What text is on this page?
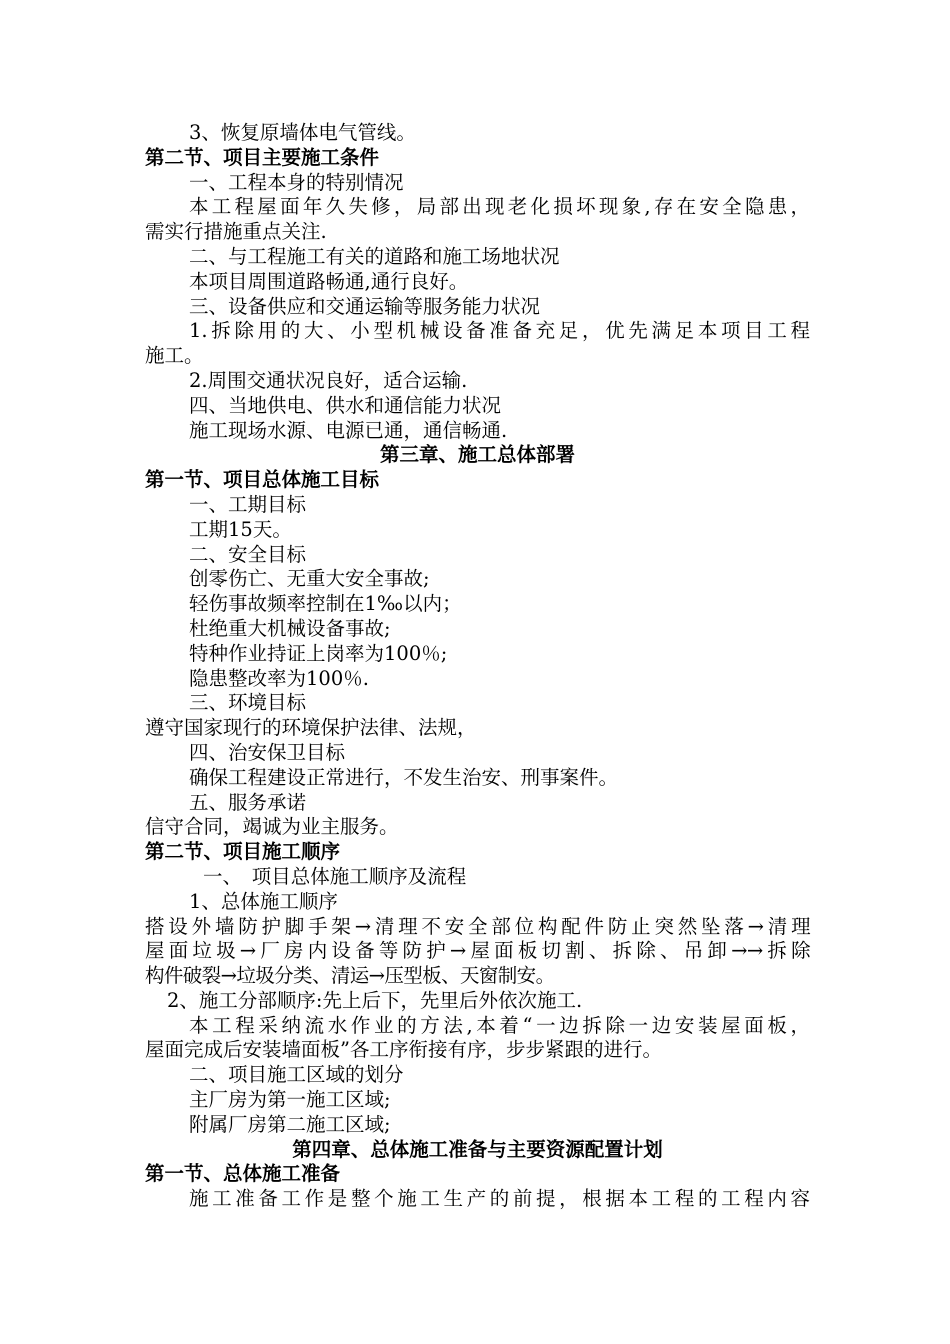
3、恢复原墙体电气管线。
第二节、项目主要施工条件
一、工程本身的特别情况
本工程屋面年久失修，局部出现老化损坏现象,存在安全隐患，
需实行措施重点关注.
二、与工程施工有关的道路和施工场地状况
本项目周围道路畅通,通行良好。
三、设备供应和交通运输等服务能力状况
1.拆除用的大、小型机械设备准备充足，优先满足本项目工程
施工。
2.周围交通状况良好，适合运输.
四、当地供电、供水和通信能力状况
施工现场水源、电源已通，通信畅通.
第三章、施工总体部署
第一节、项目总体施工目标
一、工期目标
工期15天。
二、安全目标
创零伤亡、无重大安全事故;
轻伤事故频率控制在1‰以内；
杜绝重大机械设备事故;
特种作业持证上岗率为100％;
隐患整改率为100％.
三、环境目标
遵守国家现行的环境保护法律、法规，
四、治安保卫目标
确保工程建设正常进行，不发生治安、刑事案件。
五、服务承诺
信守合同，竭诚为业主服务。
第二节、项目施工顺序
一、　项目总体施工顺序及流程
1、总体施工顺序
搭设外墙防护脚手架→清理不安全部位构配件防止突然坠落→清理
屋面垃圾→厂房内设备等防护→屋面板切割、拆除、吊卸→→拆除
构件破裂→垃圾分类、清运→压型板、天窗制安。
2、施工分部顺序:先上后下，先里后外依次施工.
本工程采纳流水作业的方法,本着“一边拆除一边安装屋面板，
屋面完成后安装墙面板”各工序衔接有序，步步紧跟的进行。
二、项目施工区域的划分
主厂房为第一施工区域;
附属厂房第二施工区域;
第四章、总体施工准备与主要资源配置计划
第一节、总体施工准备
施工准备工作是整个施工生产的前提，根据本工程的工程内容
